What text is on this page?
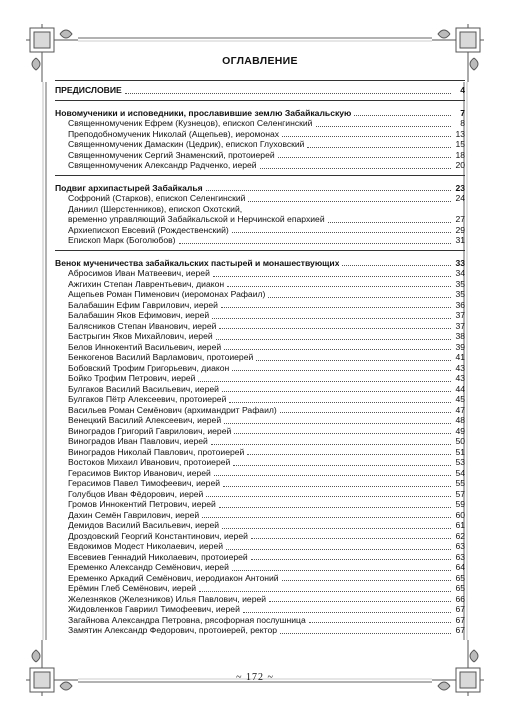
ОГЛАВЛЕНИЕ
ПРЕДИСЛОВИЕ	4
Новомученики и исповедники, прославившие землю Забайкальскую	7
Священномученик Ефрем (Кузнецов), епископ Селенгинский	8
Преподобномученик Николай (Ащепьев), иеромонах	13
Священномученик Дамаскин (Цедрик), епископ Глуховский	15
Священномученик Сергий Знаменский, протоиерей	18
Священномученик Александр Радченко, иерей	20
Подвиг архипастырей Забайкалья	23
Софроний (Старков), епископ Селенгинский	24
Даниил (Шерстенников), епископ Охотский,
временно управляющий Забайкальской и Нерчинской епархией	27
Архиепископ Евсевий (Рождественский)	29
Епископ Марк (Боголюбов)	31
Венок мученичества забайкальских пастырей и монашествующих	33
Абросимов Иван Матвеевич, иерей	34
Ажгихин Степан Лаврентьевич, диакон	35
Ащепьев Роман Пименович (иеромонах Рафаил)	35
Балабашин Ефим Гаврилович, иерей	36
Балабашин Яков Ефимович, иерей	37
Балясников Степан Иванович, иерей	37
Бастрыгин Яков Михайлович, иерей	38
Белов Иннокентий Васильевич, иерей	39
Бенкогенов Василий Варламович, протоиерей	41
Бобовский Трофим Григорьевич, диакон	43
Бойко Трофим Петрович, иерей	43
Булгаков Василий Васильевич, иерей	44
Булгаков Пётр Алексеевич, протоиерей	45
Васильев Роман Семёнович (архимандрит Рафаил)	47
Венецкий Василий Алексеевич, иерей	48
Виноградов Григорий Гаврилович, иерей	49
Виноградов Иван Павлович, иерей	50
Виноградов Николай Павлович, протоиерей	51
Востоков Михаил Иванович, протоиерей	53
Герасимов Виктор Иванович, иерей	54
Герасимов Павел Тимофеевич, иерей	55
Голубцов Иван Фёдорович, иерей	57
Громов Иннокентий Петрович, иерей	59
Дахин Семён Гаврилович, иерей	60
Демидов Василий Васильевич, иерей	61
Дроздовский Георгий Константинович, иерей	62
Евдокимов Модест Николаевич, иерей	63
Евсевиев Геннадий Николаевич, протоиерей	63
Еременко Александр Семёнович, иерей	64
Еременко Аркадий Семёнович, иеродиакон Антоний	65
Ерёмин Глеб Семёнович, иерей	65
Железняков (Железников) Илья Павлович, иерей	66
Жидовленков Гавриил Тимофеевич, иерей	67
Загайнова Александра Петровна, рясофорная послушница	67
Замятин Александр Федорович, протоиерей, ректор	67
~ 172 ~
